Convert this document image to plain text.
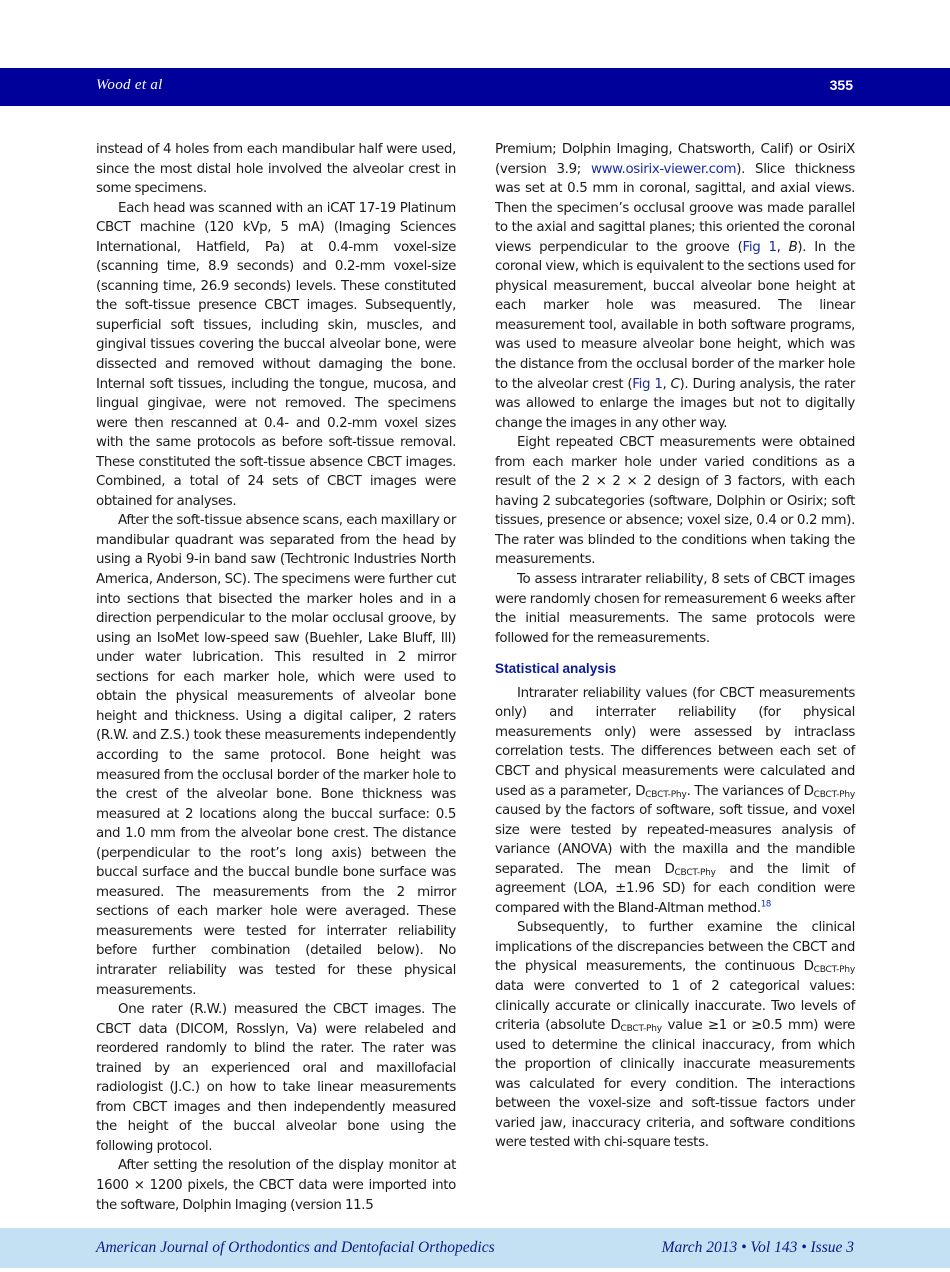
Wood et al	355

instead of 4 holes from each mandibular half were used, since the most distal hole involved the alveolar crest in some specimens.

Each head was scanned with an iCAT 17-19 Platinum CBCT machine (120 kVp, 5 mA) (Imaging Sciences International, Hatfield, Pa) at 0.4-mm voxel-size (scanning time, 8.9 seconds) and 0.2-mm voxel-size (scanning time, 26.9 seconds) levels. These constituted the soft-tissue presence CBCT images. Subsequently, superficial soft tissues, including skin, muscles, and gingival tissues covering the buccal alveolar bone, were dissected and removed without damaging the bone. Internal soft tissues, including the tongue, mucosa, and lingual gingivae, were not removed. The specimens were then rescanned at 0.4- and 0.2-mm voxel sizes with the same protocols as before soft-tissue removal. These constituted the soft-tissue absence CBCT images. Combined, a total of 24 sets of CBCT images were obtained for analyses.

After the soft-tissue absence scans, each maxillary or mandibular quadrant was separated from the head by using a Ryobi 9-in band saw (Techtronic Industries North America, Anderson, SC). The specimens were further cut into sections that bisected the marker holes and in a direction perpendicular to the molar occlusal groove, by using an IsoMet low-speed saw (Buehler, Lake Bluff, Ill) under water lubrication. This resulted in 2 mirror sections for each marker hole, which were used to obtain the physical measurements of alveolar bone height and thickness. Using a digital caliper, 2 raters (R.W. and Z.S.) took these measurements independently according to the same protocol. Bone height was measured from the occlusal border of the marker hole to the crest of the alveolar bone. Bone thickness was measured at 2 locations along the buccal surface: 0.5 and 1.0 mm from the alveolar bone crest. The distance (perpendicular to the root’s long axis) between the buccal surface and the buccal bundle bone surface was measured. The measurements from the 2 mirror sections of each marker hole were averaged. These measurements were tested for interrater reliability before further combination (detailed below). No intrarater reliability was tested for these physical measurements.

One rater (R.W.) measured the CBCT images. The CBCT data (DICOM, Rosslyn, Va) were relabeled and reordered randomly to blind the rater. The rater was trained by an experienced oral and maxillofacial radiologist (J.C.) on how to take linear measurements from CBCT images and then independently measured the height of the buccal alveolar bone using the following protocol.

After setting the resolution of the display monitor at 1600 × 1200 pixels, the CBCT data were imported into the software, Dolphin Imaging (version 11.5

Premium; Dolphin Imaging, Chatsworth, Calif) or OsiriX (version 3.9; www.osirix-viewer.com). Slice thickness was set at 0.5 mm in coronal, sagittal, and axial views. Then the specimen’s occlusal groove was made parallel to the axial and sagittal planes; this oriented the coronal views perpendicular to the groove (Fig 1, B). In the coronal view, which is equivalent to the sections used for physical measurement, buccal alveolar bone height at each marker hole was measured. The linear measurement tool, available in both software programs, was used to measure alveolar bone height, which was the distance from the occlusal border of the marker hole to the alveolar crest (Fig 1, C). During analysis, the rater was allowed to enlarge the images but not to digitally change the images in any other way.

Eight repeated CBCT measurements were obtained from each marker hole under varied conditions as a result of the 2 × 2 × 2 design of 3 factors, with each having 2 subcategories (software, Dolphin or Osirix; soft tissues, presence or absence; voxel size, 0.4 or 0.2 mm). The rater was blinded to the conditions when taking the measurements.

To assess intrarater reliability, 8 sets of CBCT images were randomly chosen for remeasurement 6 weeks after the initial measurements. The same protocols were followed for the remeasurements.

Statistical analysis

Intrarater reliability values (for CBCT measurements only) and interrater reliability (for physical measurements only) were assessed by intraclass correlation tests. The differences between each set of CBCT and physical measurements were calculated and used as a parameter, $D_{CBCT-Phy}$. The variances of $D_{CBCT-Phy}$ caused by the factors of software, soft tissue, and voxel size were tested by repeated-measures analysis of variance (ANOVA) with the maxilla and the mandible separated. The mean $D_{CBCT-Phy}$ and the limit of agreement (LOA, ±1.96 SD) for each condition were compared with the Bland-Altman method.$^{18}$

Subsequently, to further examine the clinical implications of the discrepancies between the CBCT and the physical measurements, the continuous $D_{CBCT-Phy}$ data were converted to 1 of 2 categorical values: clinically accurate or clinically inaccurate. Two levels of criteria (absolute $D_{CBCT-Phy}$ value ≥1 or ≥0.5 mm) were used to determine the clinical inaccuracy, from which the proportion of clinically inaccurate measurements was calculated for every condition. The interactions between the voxel-size and soft-tissue factors under varied jaw, inaccuracy criteria, and software conditions were tested with chi-square tests.

American Journal of Orthodontics and Dentofacial Orthopedics	March 2013 • Vol 143 • Issue 3
